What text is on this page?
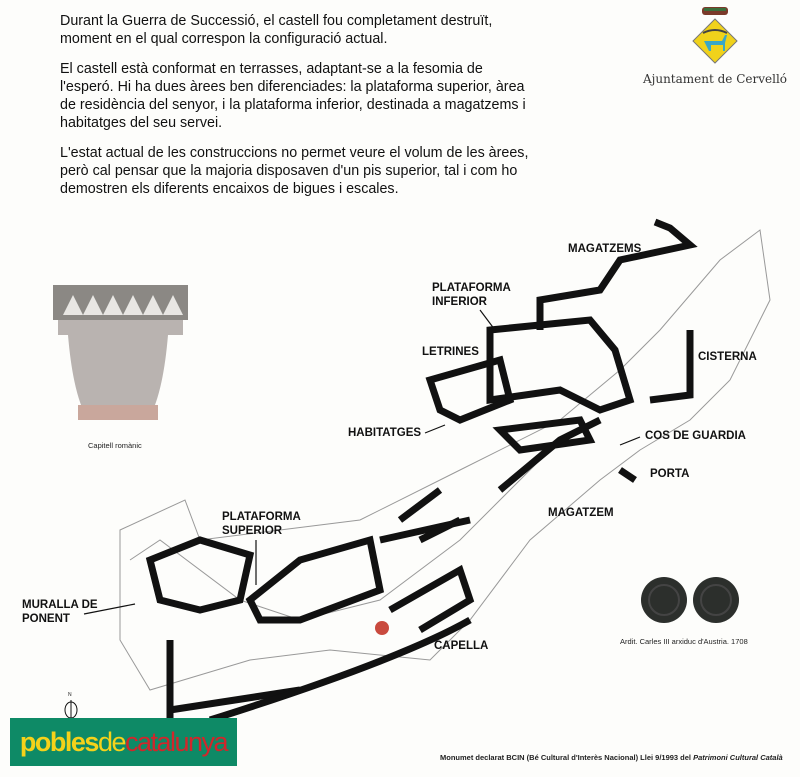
Durant la Guerra de Successió, el castell fou completament destruït, moment en el qual correspon la configuració actual.

El castell està conformat en terrasses, adaptant-se a la fesomia de l'esperó. Hi ha dues àrees ben diferenciades: la plataforma superior, àrea de residència del senyor, i la plataforma inferior, destinada a magatzems i habitatges del seu servei.

L'estat actual de les construccions no permet veure el volum de les àrees, però cal pensar que la majoria disposaven d'un pis superior, tal i com ho demostren els diferents encaixos de bigues i escales.

Ajuntament de Cervelló
Capitell romànic
MAGATZEMS
PLATAFORMA
INFERIOR
LETRINES	CISTERNA
HABITATGES	COS DE GUARDIA
PORTA
MAGATZEM
PLATAFORMA
SUPERIOR
MURALLA DE
PONENT
CAPELLA
N
Ardit. Carles III arxiduc d'Austria. 1708
pobles de catalunya
Monumet declarat BCIN (Bé Cultural d'Interès Nacional) Llei 9/1993 del Patrimoni Cultural Català
